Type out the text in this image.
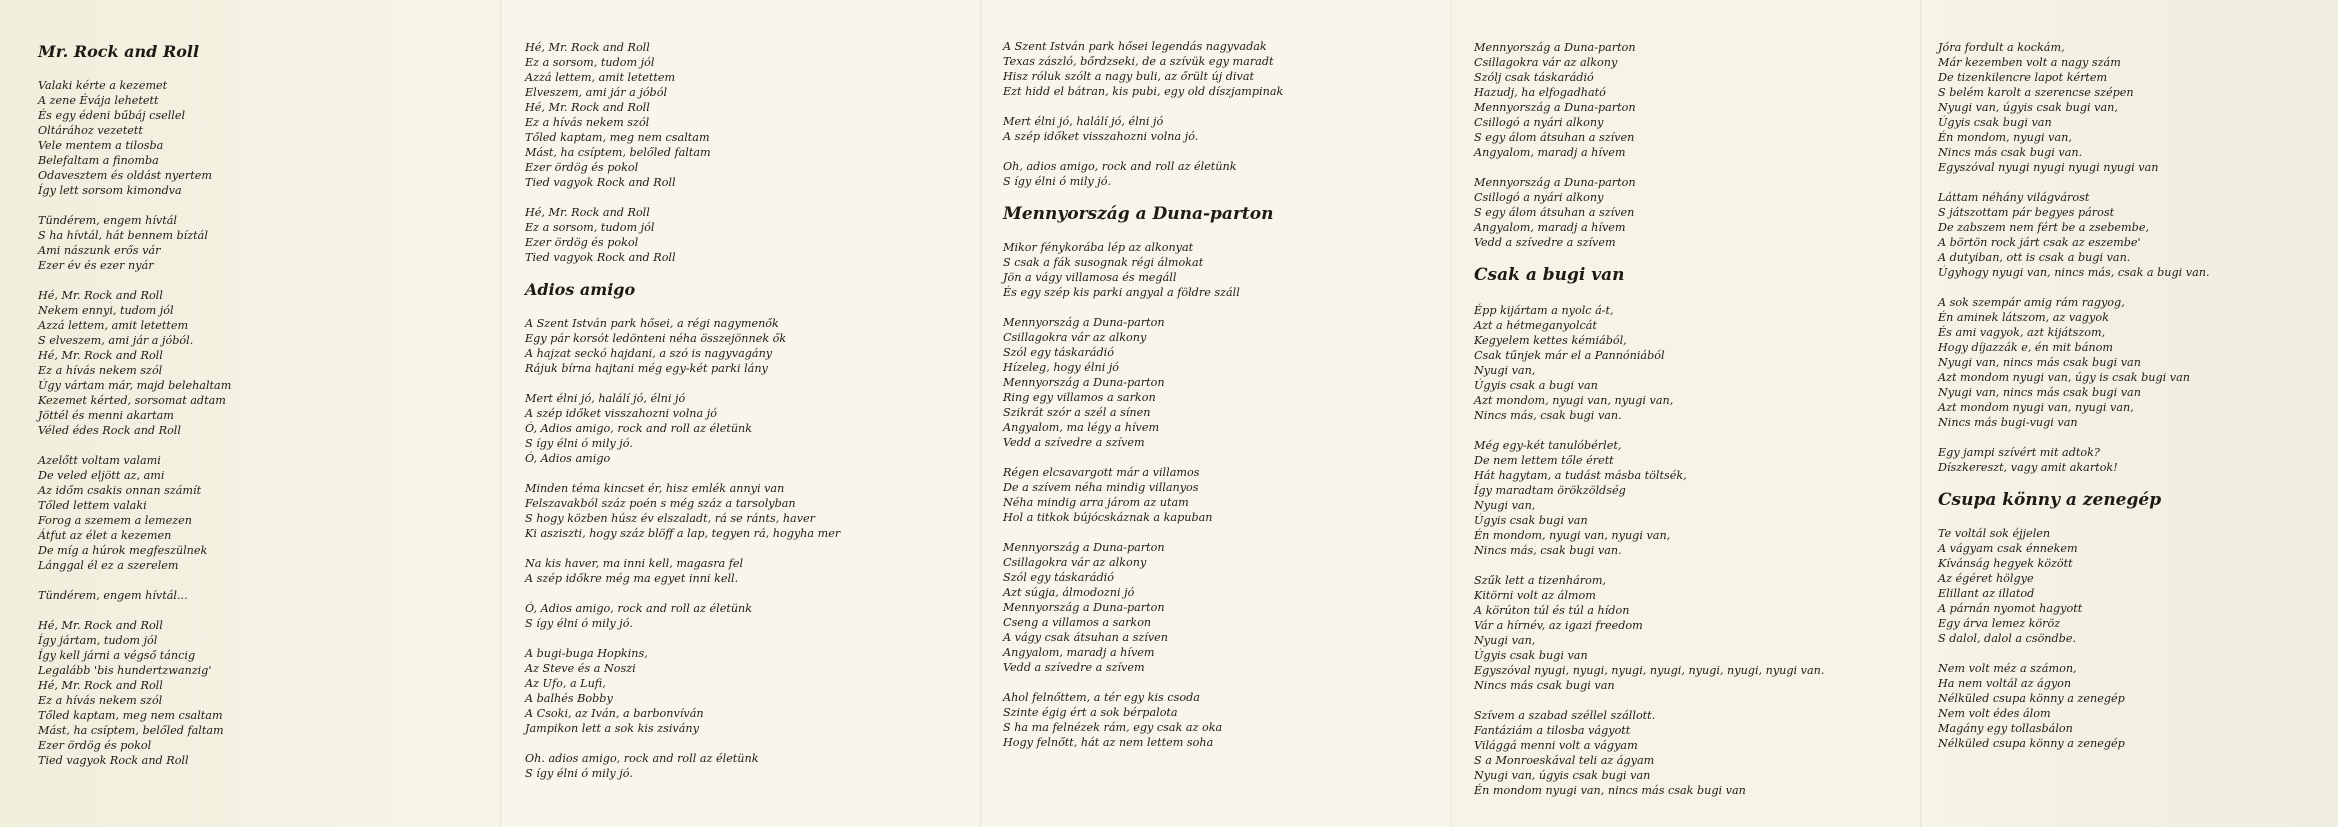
Mr. Rock and Roll
Valaki kérte a kezemet
A zene Évája lehetett
És egy édeni bűbáj csellel
Oltárához vezetett
Vele mentem a tilosba
Belefaltam a finomba
Odavesztem és oldást nyertem
Így lett sorsom kimondva
Tündérem, engem hívtál
S ha hívtál, hát bennem bíztál
Ami nászunk erős vár
Ezer év és ezer nyár
Hé, Mr. Rock and Roll
Nekem ennyi, tudom jól
Azzá lettem, amit letettem
S elveszem, ami jár a jóból.
Hé, Mr. Rock and Roll
Ez a hívás nekem szól
Úgy vártam már, majd belehaltam
Kezemet kérted, sorsomat adtam
Jöttél és menni akartam
Véled édes Rock and Roll
Azelőtt voltam valami
De veled eljött az, ami
Az időm csakis onnan számít
Tőled lettem valaki
Forog a szemem a lemezen
Átfut az élet a kezemen
De míg a húrok megfeszülnek
Lánggal él ez a szerelem
Tündérem, engem hívtál...
Hé, Mr. Rock and Roll
Így jártam, tudom jól
Így kell járni a végső táncig
Legalább 'bis hundertzwanzig'
Hé, Mr. Rock and Roll
Ez a hívás nekem szól
Tőled kaptam, meg nem csaltam
Mást, ha csíptem, belőled faltam
Ezer ördög és pokol
Tied vagyok Rock and Roll
Hé, Mr. Rock and Roll
Ez a sorsom, tudom jól
Azzá lettem, amit letettem
Elveszem, ami jár a jóból
Hé, Mr. Rock and Roll
Ez a hívás nekem szól
Tőled kaptam, meg nem csaltam
Mást, ha csíptem, belőled faltam
Ezer ördög és pokol
Tied vagyok Rock and Roll
Hé, Mr. Rock and Roll
Ez a sorsom, tudom jól
Ezer ördög és pokol
Tied vagyok Rock and Roll
Adios amigo
A Szent István park hősei, a régi nagymenők
Egy pár korsót ledönteni néha összejönnek ők
A hajzat seckó hajdani, a szó is nagyvagány
Rájuk bírna hajtani még egy-két parki lány
Mert élni jó, halálí jó, élni jó
A szép időket visszahozni volna jó
Ó, Adios amigo, rock and roll az életünk
S így élni ó mily jó.
Ó, Adios amigo
Minden téma kincset ér, hisz emlék annyi van
Felszavakból száz poén s még száz a tarsolyban
S hogy közben húsz év elszaladt, rá se ránts, haver
Ki asziszti, hogy száz blöff a lap, tegyen rá, hogyha mer
Na kis haver, ma inni kell, magasra fel
A szép időkre még ma egyet inni kell.
Ó, Adios amigo, rock and roll az életünk
S így élni ó mily jó.
A bugi-buga Hopkins,
Az Steve és a Noszi
Az Ufo, a Lufi,
A balhés Bobby
A Csoki, az Iván, a barbonvíván
Jampikon lett a sok kis zsivány
Oh. adios amigo, rock and roll az életünk
S így élni ó mily jó.
A Szent István park hősei legendás nagyvadak
Texas zászló, bőrdzseki, de a szívük egy maradt
Hisz róluk szólt a nagy buli, az őrült új divat
Ezt hidd el bátran, kis pubi, egy old díszjampinak
Mert élni jó, halálí jó, élni jó
A szép időket visszahozni volna jó.
Oh, adios amigo, rock and roll az életünk
S így élni ó mily jó.
Mennyország a Duna-parton
Mikor fénykorába lép az alkonyat
S csak a fák susognak régi álmokat
Jön a vágy villamosa és megáll
És egy szép kis parki angyal a földre száll
Mennyország a Duna-parton
Csillagokra vár az alkony
Szól egy táskarádió
Hízeleg, hogy élni jó
Mennyország a Duna-parton
Ring egy villamos a sarkon
Szikrát szór a szél a sínen
Angyalom, ma légy a hívem
Vedd a szívedre a szívem
Régen elcsavargott már a villamos
De a szívem néha mindig villanyos
Néha mindig arra járom az utam
Hol a titkok bújócskáznak a kapuban
Mennyország a Duna-parton
Csillagokra vár az alkony
Szól egy táskarádió
Azt súgja, álmodozni jó
Mennyország a Duna-parton
Cseng a villamos a sarkon
A vágy csak átsuhan a szíven
Angyalom, maradj a hívem
Vedd a szívedre a szívem
Ahol felnőttem, a tér egy kis csoda
Szinte égig ért a sok bérpalota
S ha ma felnézek rám, egy csak az oka
Hogy felnőtt, hát az nem lettem soha
Mennyország a Duna-parton
Csillagokra vár az alkony
Szólj csak táskarádió
Hazudj, ha elfogadható
Mennyország a Duna-parton
Csillogó a nyári alkony
S egy álom átsuhan a szíven
Angyalom, maradj a hívem
Mennyország a Duna-parton
Csillogó a nyári alkony
S egy álom átsuhan a szíven
Angyalom, maradj a hívem
Vedd a szívedre a szívem
Csak a bugi van
Épp kijártam a nyolc á-t,
Azt a hétmeganyolcát
Kegyelem kettes kémiából,
Csak tűnjek már el a Pannóniából
Nyugi van,
Úgyis csak a bugi van
Azt mondom, nyugi van, nyugi van,
Nincs más, csak bugi van.
Még egy-két tanulóbérlet,
De nem lettem tőle érett
Hát hagytam, a tudást másba töltsék,
Így maradtam örökzöldség
Nyugi van,
Úgyis csak bugi van
Én mondom, nyugi van, nyugi van,
Nincs más, csak bugi van.
Szűk lett a tizenhárom,
Kitörni volt az álmom
A körúton túl és túl a hídon
Vár a hírnév, az igazi freedom
Nyugi van,
Úgyis csak bugi van
Egyszóval nyugi, nyugi, nyugi, nyugi, nyugi, nyugi, nyugi van.
Nincs más csak bugi van
Szívem a szabad széllel szállott.
Fantáziám a tilosba vágyott
Világgá menni volt a vágyam
S a Monroeskával teli az ágyam
Nyugi van, úgyis csak bugi van
Én mondom nyugi van, nincs más csak bugi van
Jóra fordult a kockám,
Már kezemben volt a nagy szám
De tizenkilencre lapot kértem
S belém karolt a szerencse szépen
Nyugi van, úgyis csak bugi van,
Úgyis csak bugi van
Én mondom, nyugi van,
Nincs más csak bugi van.
Egyszóval nyugi nyugi nyugi nyugi van
Láttam néhány világvárost
S játszottam pár begyes párost
De zabszem nem fért be a zsebembe,
A börtön rock járt csak az eszembe'
A dutyiban, ott is csak a bugi van.
Úgyhogy nyugi van, nincs más, csak a bugi van.
A sok szempár amig rám ragyog,
Én aminek látszom, az vagyok
És ami vagyok, azt kijátszom,
Hogy díjazzák e, én mit bánom
Nyugi van, nincs más csak bugi van
Azt mondom nyugi van, úgy is csak bugi van
Nyugi van, nincs más csak bugi van
Azt mondom nyugi van, nyugi van,
Nincs más bugi-vugi van
Egy jampi szívért mit adtok?
Díszkereszt, vagy amit akartok!
Csupa könny a zenegép
Te voltál sok éjjelen
A vágyam csak énnekem
Kívánság hegyek között
Az égéret hölgye
Elillant az illatod
A párnán nyomot hagyott
Egy árva lemez köröz
S dalol, dalol a csöndbe.
Nem volt méz a számon,
Ha nem voltál az ágyon
Nélküled csupa könny a zenegép
Nem volt édes álom
Magány egy tollasbálon
Nélküled csupa könny a zenegép
